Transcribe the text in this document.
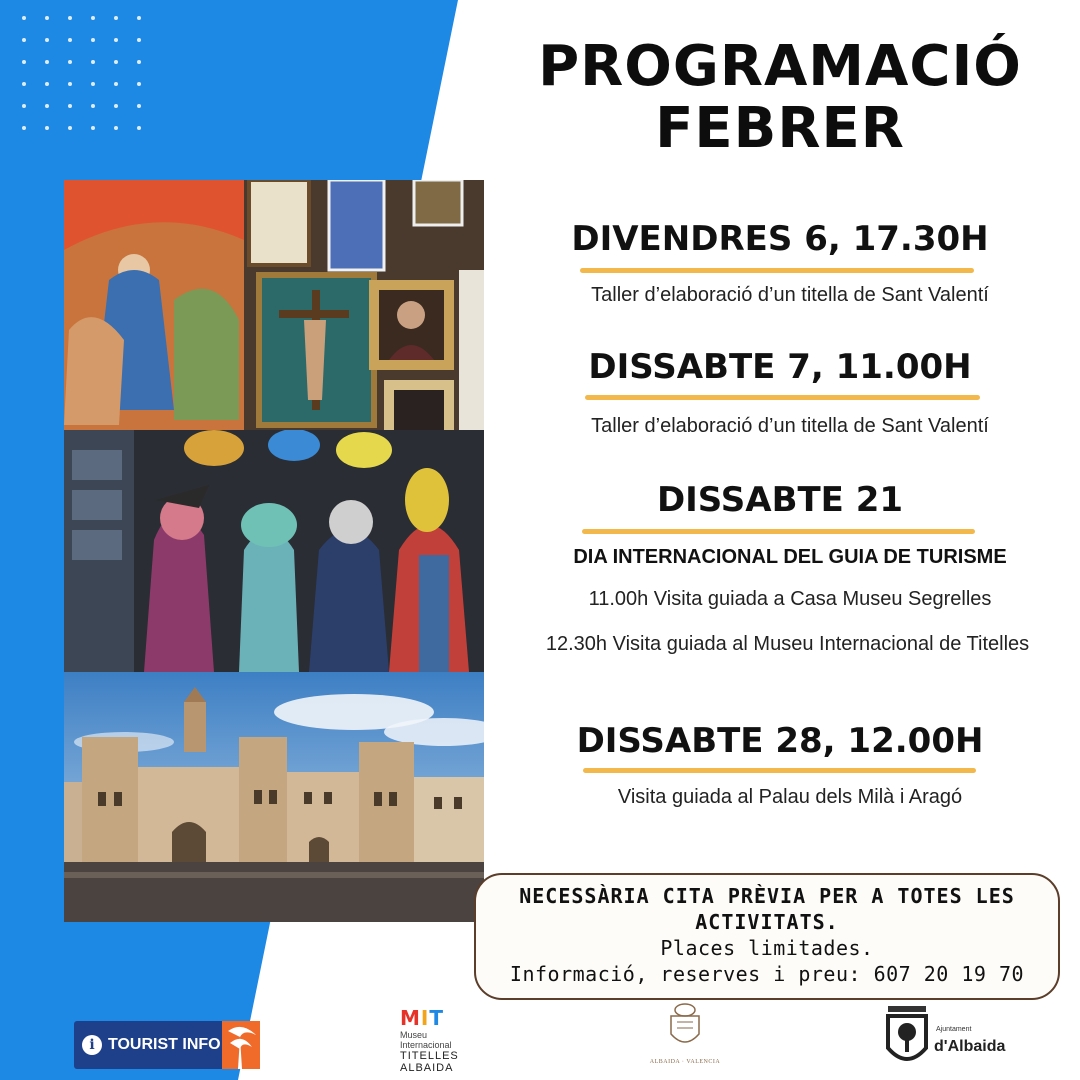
PROGRAMACIÓ
FEBRER
DIVENDRES 6, 17.30H
Taller d’elaboració d’un titella de Sant Valentí
DISSABTE 7, 11.00H
Taller d’elaboració d’un titella de Sant Valentí
DISSABTE 21
DIA INTERNACIONAL DEL GUIA DE TURISME
11.00h Visita guiada a Casa Museu Segrelles
12.30h Visita guiada al Museu Internacional de Titelles
DISSABTE 28, 12.00H
Visita guiada al Palau dels Milà i Aragó
NECESSÀRIA CITA PRÈVIA PER A TOTES LES ACTIVITATS.
Places limitades.
Informació, reserves i preu: 607 20 19 70
i TOURIST INFO
MIT
Museu
Internacional
TITELLES
ALBAIDA	ALBAIDA · VALENCIA
Ajuntament
d'Albaida
